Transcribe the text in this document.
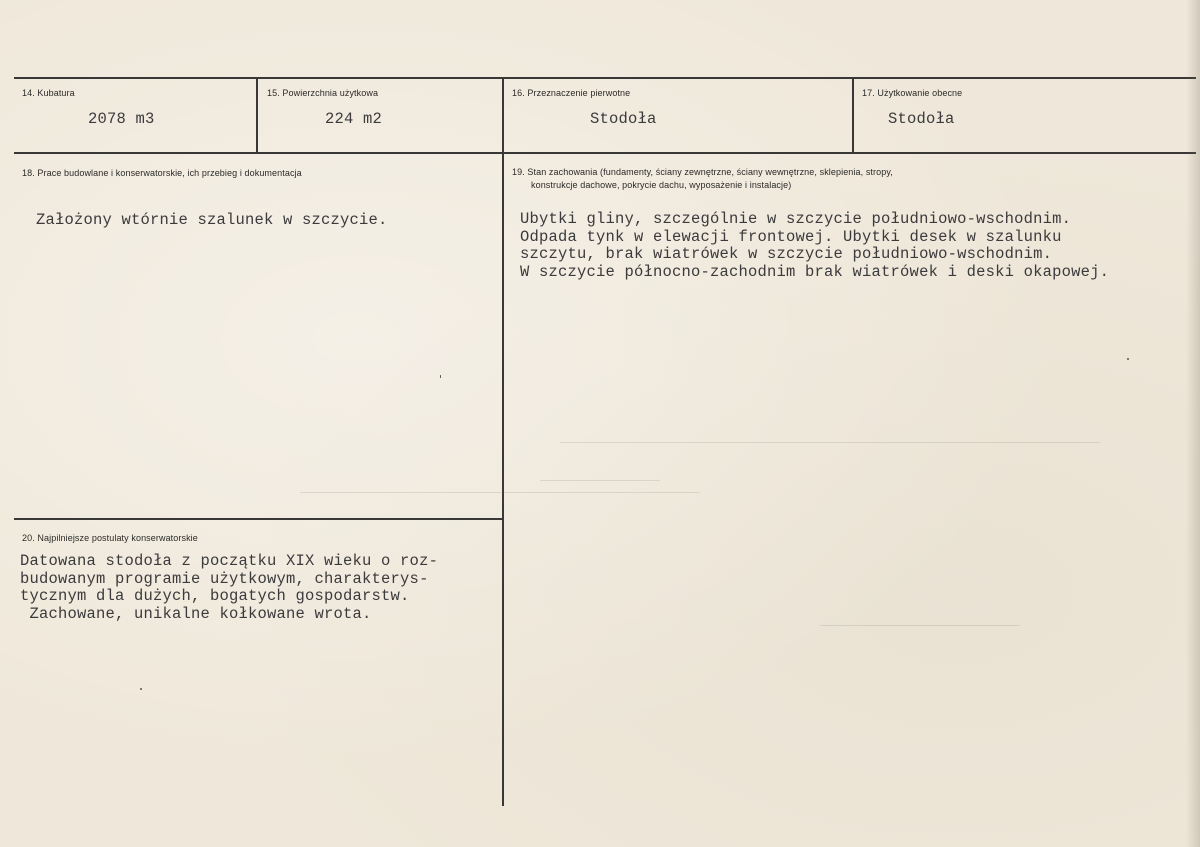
14. Kubatura
2078 m3
15. Powierzchnia użytkowa
224 m2
16. Przeznaczenie pierwotne
Stodoła
17. Użytkowanie obecne
Stodoła
18. Prace budowlane i konserwatorskie, ich przebieg i dokumentacja
Założony wtórnie szalunek w szczycie.
19. Stan zachowania (fundamenty, ściany zewnętrzne, ściany wewnętrzne, sklepienia, stropy,
konstrukcje dachowe, pokrycie dachu, wyposażenie i instalacje)
Ubytki gliny, szczególnie w szczycie południowo-wschodnim.
Odpada tynk w elewacji frontowej. Ubytki desek w szalunku
szczytu, brak wiatrówek w szczycie południowo-wschodnim.
W szczycie północno-zachodnim brak wiatrówek i deski okapowej.
20. Najpilniejsze postulaty konserwatorskie
Datowana stodoła z początku XIX wieku o roz-
budowanym programie użytkowym, charakterys-
tycznym dla dużych, bogatych gospodarstw.
Zachowane, unikalne kołkowane wrota.
